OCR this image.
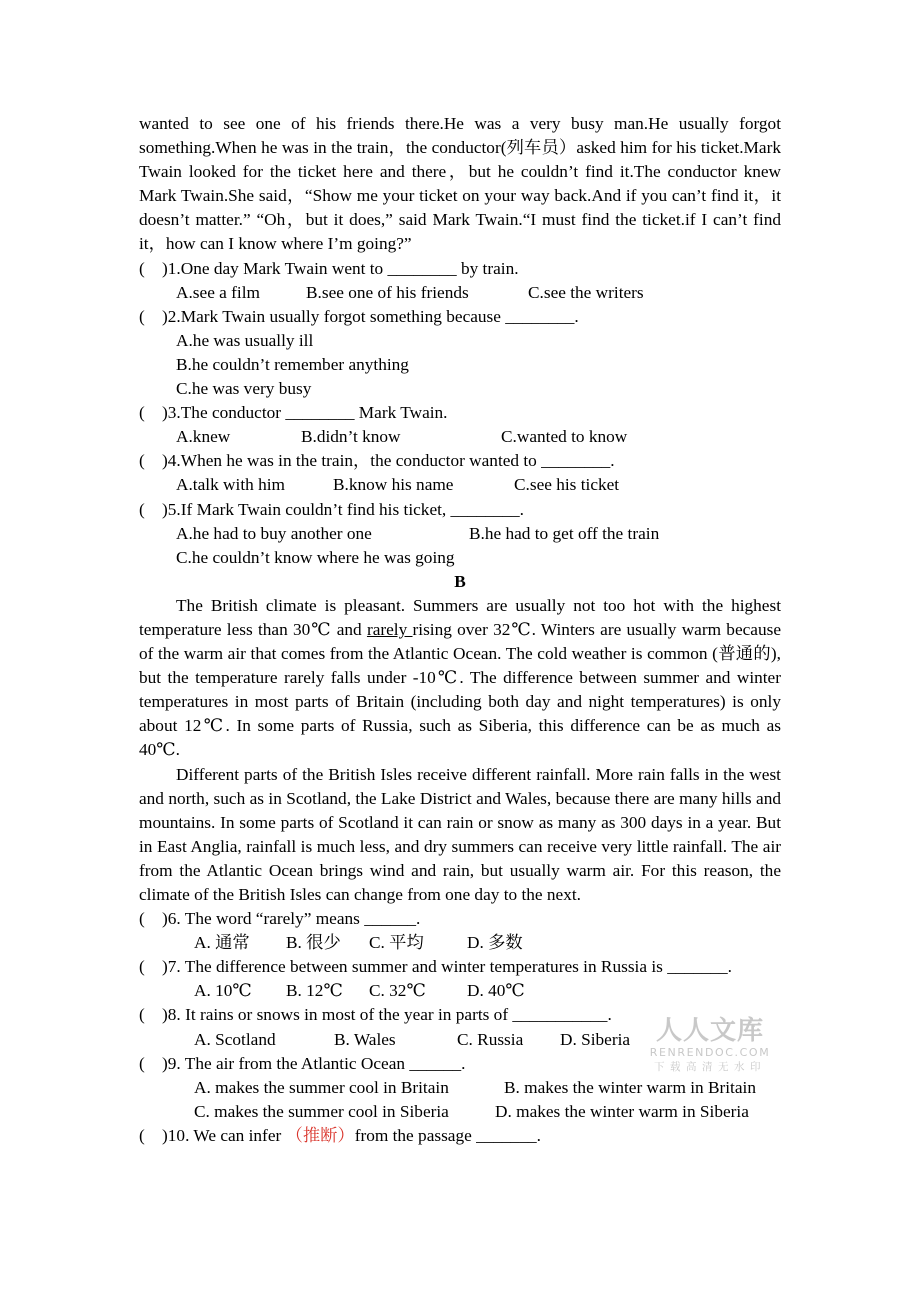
wanted to see one of his friends there.He was a very busy man.He usually forgot something.When he was in the train，the conductor(列车员）asked him for his ticket.Mark Twain looked for the ticket here and there，but he couldn’t find it.The conductor knew Mark Twain.She said，“Show me your ticket on your way back.And if you can’t find it，it doesn’t matter.” “Oh，but it does,” said Mark Twain.“I must find the ticket.if I can’t find it，how can I know where I’m going?”

(    )1.One day Mark Twain went to ________ by train.
A.see a film	B.see one of his friends	C.see the writers
(    )2.Mark Twain usually forgot something because ________.
A.he was usually ill
B.he couldn’t remember anything
C.he was very busy
(    )3.The conductor ________ Mark Twain.
A.knew	B.didn’t know	C.wanted to know
(    )4.When he was in the train，the conductor wanted to ________.
A.talk with him	B.know his name	C.see his ticket
(    )5.If Mark Twain couldn’t find his ticket, ________.
A.he had to buy another one	B.he had to get off the train
C.he couldn’t know where he was going
B

The British climate is pleasant. Summers are usually not too hot with the highest temperature less than 30℃ and rarely rising over 32℃. Winters are usually warm because of the warm air that comes from the Atlantic Ocean. The cold weather is common (普通的), but the temperature rarely falls under -10℃. The difference between summer and winter temperatures in most parts of Britain (including both day and night temperatures) is only about 12℃. In some parts of Russia, such as Siberia, this difference can be as much as 40℃.

Different parts of the British Isles receive different rainfall. More rain falls in the west and north, such as in Scotland, the Lake District and Wales, because there are many hills and mountains. In some parts of Scotland it can rain or snow as many as 300 days in a year. But in East Anglia, rainfall is much less, and dry summers can receive very little rainfall. The air from the Atlantic Ocean brings wind and rain, but usually warm air. For this reason, the climate of the British Isles can change from one day to the next.

(    )6. The word “rarely” means ______.
A. 通常 B. 很少 C. 平均	D. 多数
(    )7. The difference between summer and winter temperatures in Russia is _______.
A. 10℃ B. 12℃ C. 32℃ D. 40℃
(    )8. It rains or snows in most of the year in parts of ___________.
A. Scotland	B. Wales	C. Russia D. Siberia
(    )9. The air from the Atlantic Ocean ______.
A. makes the summer cool in Britain	B. makes the winter warm in Britain
C. makes the summer cool in Siberia	D. makes the winter warm in Siberia
(    )10. We can infer （推断）from the passage _______.
人人文库
RENRENDOC.COM
下载高清无水印
